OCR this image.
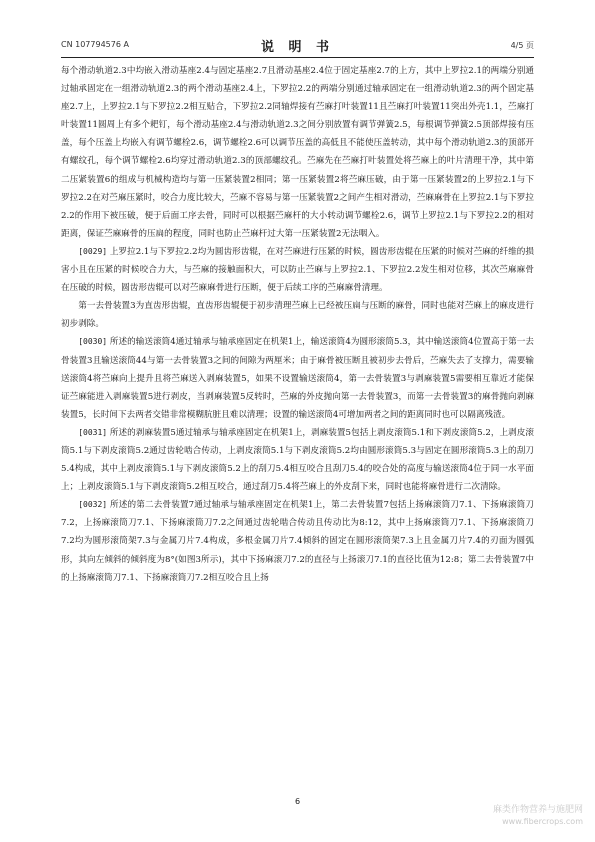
CN 107794576 A	说 明 书	4/5 页

每个滑动轨道2.3中均嵌入滑动基座2.4与固定基座2.7且滑动基座2.4位于固定基座2.7的上方，其中上罗拉2.1的两端分别通过轴承固定在一组滑动轨道2.3的两个滑动基座2.4上，下罗拉2.2的两端分别通过轴承固定在一组滑动轨道2.3的两个固定基座2.7上，上罗拉2.1与下罗拉2.2相互贴合，下罗拉2.2同轴焊接有苎麻打叶装置11且苎麻打叶装置11突出外壳1.1，苎麻打叶装置11圆周上有多个耙钉，每个滑动基座2.4与滑动轨道2.3之间分别放置有调节弹簧2.5，每根调节弹簧2.5顶部焊接有压盖，每个压盖上均嵌入有调节螺栓2.6，调节螺栓2.6可以调节压盖的高低且不能使压盖转动，其中每个滑动轨道2.3的顶部开有螺纹孔，每个调节螺栓2.6均穿过滑动轨道2.3的顶部螺纹孔。苎麻先在苎麻打叶装置处将苎麻上的叶片清理干净，其中第二压紧装置6的组成与机械构造均与第一压紧装置2相同；第一压紧装置2将苎麻压破，由于第一压紧装置2的上罗拉2.1与下罗拉2.2在对苎麻压紧时，咬合力度比较大，苎麻不容易与第一压紧装置2之间产生相对滑动，苎麻麻骨在上罗拉2.1与下罗拉2.2的作用下被压破，便于后面工序去骨，同时可以根据苎麻杆的大小转动调节螺栓2.6，调节上罗拉2.1与下罗拉2.2的相对距离，保证苎麻麻骨的压扁的程度，同时也防止苎麻杆过大第一压紧装置2无法咽入。

[0029] 上罗拉2.1与下罗拉2.2均为圆齿形齿辊，在对苎麻进行压紧的时候，圆齿形齿辊在压紧的时候对苎麻的纤维的损害小且在压紧的时候咬合力大，与苎麻的接触面积大，可以防止苎麻与上罗拉2.1、下罗拉2.2发生相对位移，其次苎麻麻骨在压破的时候，圆齿形齿辊可以对苎麻麻骨进行压断，便于后续工序的苎麻麻骨清理。

第一去骨装置3为直齿形齿辊，直齿形齿辊便于初步清理苎麻上已经被压扁与压断的麻骨，同时也能对苎麻上的麻皮进行初步剥除。

[0030] 所述的输送滚筒4通过轴承与轴承座固定在机架1上，输送滚筒4为圆形滚筒5.3，其中输送滚筒4位置高于第一去骨装置3且输送滚筒44与第一去骨装置3之间的间隙为两厘米；由于麻骨被压断且被初步去骨后，苎麻失去了支撑力，需要输送滚筒4将苎麻向上提升且将苎麻送入剥麻装置5，如果不设置输送滚筒4，第一去骨装置3与剥麻装置5需要相互靠近才能保证苎麻能进入剥麻装置5进行剥皮，当剥麻装置5反转时，苎麻的外皮抛向第一去骨装置3，而第一去骨装置3的麻骨抛向剥麻装置5，长时间下去两者交错非常模糊肮脏且难以清理；设置的输送滚筒4可增加两者之间的距离同时也可以隔离残渣。

[0031] 所述的剥麻装置5通过轴承与轴承座固定在机架1上，剥麻装置5包括上剥皮滚筒5.1和下剥皮滚筒5.2，上剥皮滚筒5.1与下剥皮滚筒5.2通过齿轮啮合传动，上剥皮滚筒5.1与下剥皮滚筒5.2均由圆形滚筒5.3与固定在圆形滚筒5.3上的刮刀5.4构成，其中上剥皮滚筒5.1与下剥皮滚筒5.2上的刮刀5.4相互咬合且刮刀5.4的咬合处的高度与输送滚筒4位于同一水平面上；上剥皮滚筒5.1与下剥皮滚筒5.2相互咬合，通过刮刀5.4将苎麻上的外皮刮下来，同时也能将麻骨进行二次清除。

[0032] 所述的第二去骨装置7通过轴承与轴承座固定在机架1上，第二去骨装置7包括上扬麻滚筒刀7.1、下扬麻滚筒刀7.2，上扬麻滚筒刀7.1、下扬麻滚筒刀7.2之间通过齿轮啮合传动且传动比为8:12，其中上扬麻滚筒刀7.1、下扬麻滚筒刀7.2均为圆形滚筒架7.3与金属刀片7.4构成，多根金属刀片7.4倾斜的固定在圆形滚筒架7.3上且金属刀片7.4的刃面为圆弧形，其向左倾斜的倾斜度为8°(如图3所示)，其中下扬麻滚刀7.2的直径与上扬滚刀7.1的直径比值为12:8；第二去骨装置7中的上扬麻滚筒刀7.1、下扬麻滚筒刀7.2相互咬合且上扬

6
麻类作物营养与施肥网
www.fibercrops.com
